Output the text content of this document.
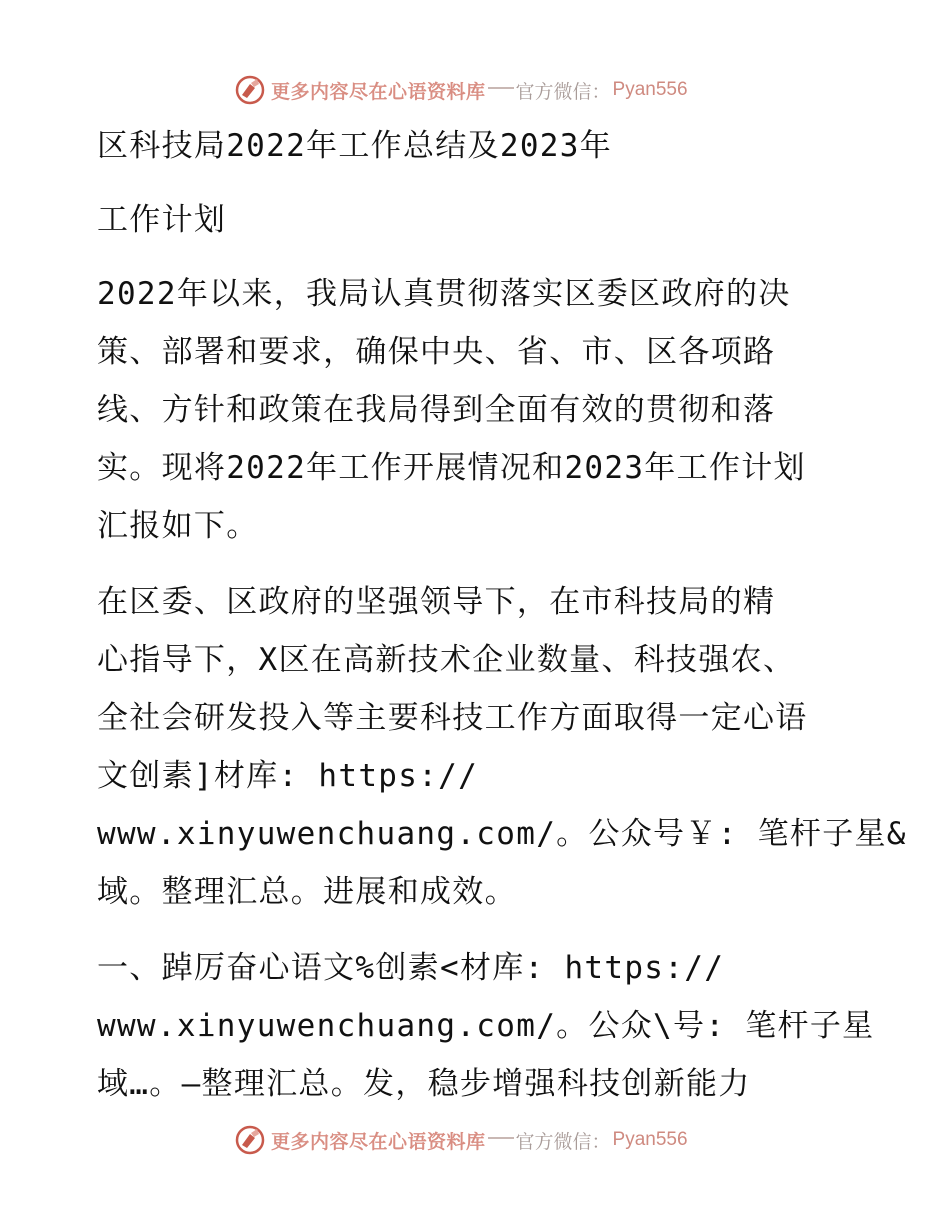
更多内容尽在心语资料库 官方微信： Pyan556
区科技局2022年工作总结及2023年
工作计划
2022年以来，我局认真贯彻落实区委区政府的决
策、部署和要求，确保中央、省、市、区各项路
线、方针和政策在我局得到全面有效的贯彻和落
实。现将2022年工作开展情况和2023年工作计划
汇报如下。
在区委、区政府的坚强领导下，在市科技局的精
心指导下，X区在高新技术企业数量、科技强农、
全社会研发投入等主要科技工作方面取得一定心语
文创素]材库: https://
www.xinyuwenchuang.com/。公众号￥: 笔杆子星&
域。整理汇总。进展和成效。
一、踔厉奋心语文%创素<材库: https://
www.xinyuwenchuang.com/。公众\号: 笔杆子星
域…。—整理汇总。发，稳步增强科技创新能力
更多内容尽在心语资料库 官方微信： Pyan556
